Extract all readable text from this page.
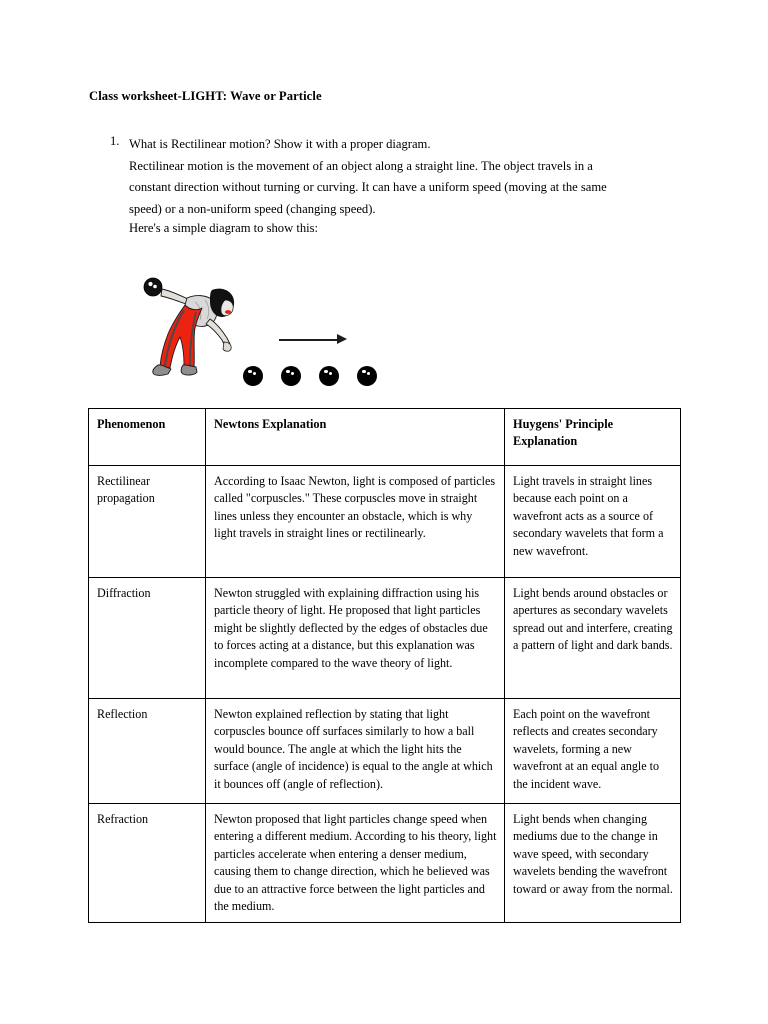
Class worksheet-LIGHT: Wave or Particle
1. What is Rectilinear motion? Show it with a proper diagram.
Rectilinear motion is the movement of an object along a straight line. The object travels in a
constant direction without turning or curving. It can have a uniform speed (moving at the same
speed) or a non-uniform speed (changing speed).
Here's a simple diagram to show this:
Phenomenon	Newtons Explanation	Huygens' Principle Explanation
Rectilinear propagation	According to Isaac Newton, light is composed of particles called "corpuscles." These corpuscles move in straight lines unless they encounter an obstacle, which is why light travels in straight lines or rectilinearly.	Light travels in straight lines because each point on a wavefront acts as a source of secondary wavelets that form a new wavefront.
Diffraction	Newton struggled with explaining diffraction using his particle theory of light. He proposed that light particles might be slightly deflected by the edges of obstacles due to forces acting at a distance, but this explanation was incomplete compared to the wave theory of light.	Light bends around obstacles or apertures as secondary wavelets spread out and interfere, creating a pattern of light and dark bands.
Reflection	Newton explained reflection by stating that light corpuscles bounce off surfaces similarly to how a ball would bounce. The angle at which the light hits the surface (angle of incidence) is equal to the angle at which it bounces off (angle of reflection).	Each point on the wavefront reflects and creates secondary wavelets, forming a new wavefront at an equal angle to the incident wave.
Refraction	Newton proposed that light particles change speed when entering a different medium. According to his theory, light particles accelerate when entering a denser medium, causing them to change direction, which he believed was due to an attractive force between the light particles and the medium.	Light bends when changing mediums due to the change in wave speed, with secondary wavelets bending the wavefront toward or away from the normal.
